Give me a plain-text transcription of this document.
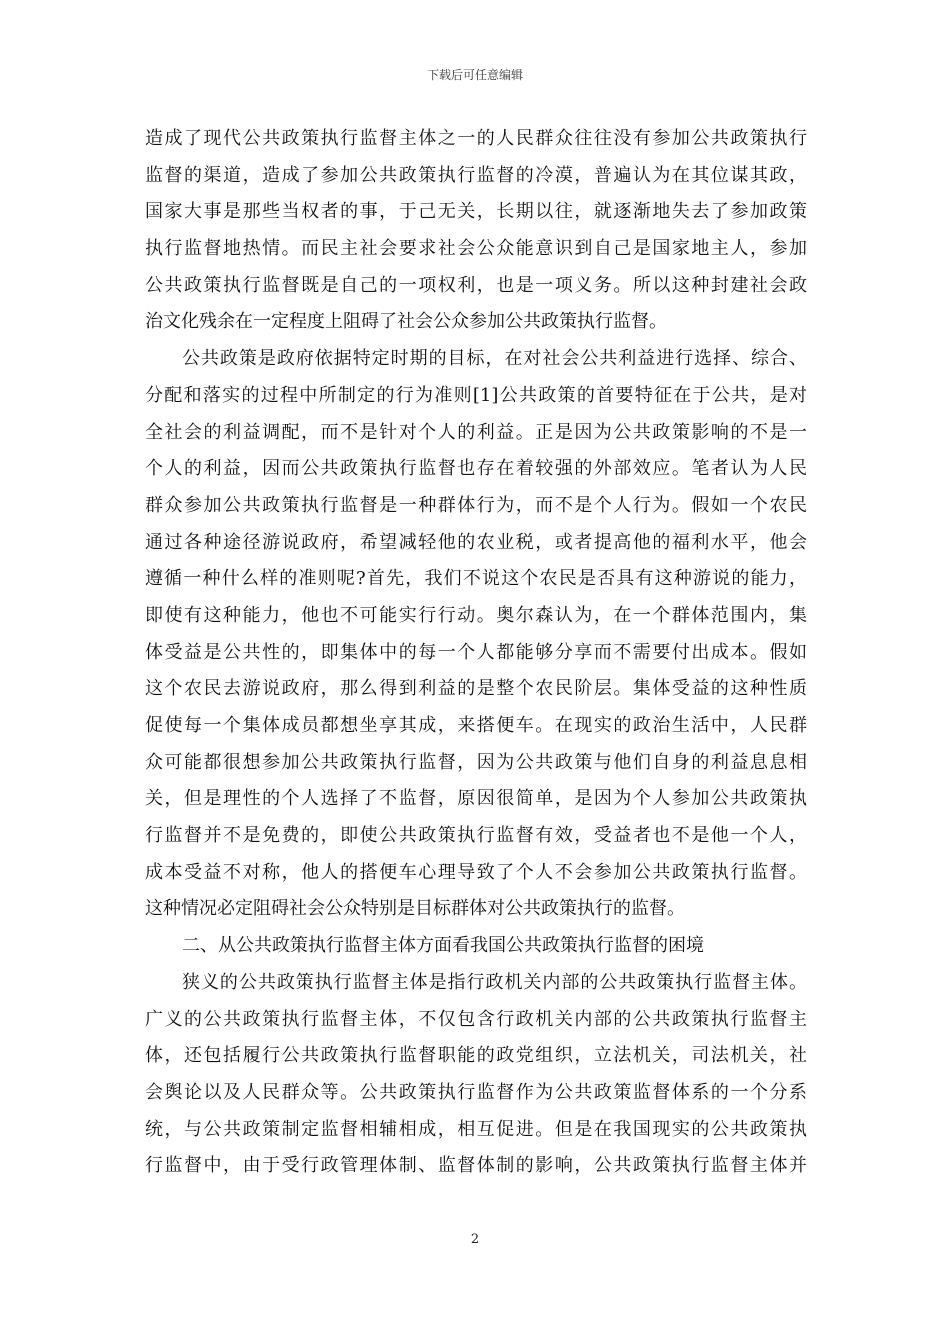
下载后可任意编辑
造成了现代公共政策执行监督主体之一的人民群众往往没有参加公共政策执行
监督的渠道，造成了参加公共政策执行监督的冷漠，普遍认为在其位谋其政，
国家大事是那些当权者的事，于己无关，长期以往，就逐渐地失去了参加政策
执行监督地热情。而民主社会要求社会公众能意识到自己是国家地主人，参加
公共政策执行监督既是自己的一项权利，也是一项义务。所以这种封建社会政
治文化残余在一定程度上阻碍了社会公众参加公共政策执行监督。
公共政策是政府依据特定时期的目标，在对社会公共利益进行选择、综合、
分配和落实的过程中所制定的行为准则[1]公共政策的首要特征在于公共，是对
全社会的利益调配，而不是针对个人的利益。正是因为公共政策影响的不是一
个人的利益，因而公共政策执行监督也存在着较强的外部效应。笔者认为人民
群众参加公共政策执行监督是一种群体行为，而不是个人行为。假如一个农民
通过各种途径游说政府，希望减轻他的农业税，或者提高他的福利水平，他会
遵循一种什么样的准则呢?首先，我们不说这个农民是否具有这种游说的能力，
即使有这种能力，他也不可能实行行动。奥尔森认为，在一个群体范围内，集
体受益是公共性的，即集体中的每一个人都能够分享而不需要付出成本。假如
这个农民去游说政府，那么得到利益的是整个农民阶层。集体受益的这种性质
促使每一个集体成员都想坐享其成，来搭便车。在现实的政治生活中，人民群
众可能都很想参加公共政策执行监督，因为公共政策与他们自身的利益息息相
关，但是理性的个人选择了不监督，原因很简单，是因为个人参加公共政策执
行监督并不是免费的，即使公共政策执行监督有效，受益者也不是他一个人，
成本受益不对称，他人的搭便车心理导致了个人不会参加公共政策执行监督。
这种情况必定阻碍社会公众特别是目标群体对公共政策执行的监督。
二、从公共政策执行监督主体方面看我国公共政策执行监督的困境
狭义的公共政策执行监督主体是指行政机关内部的公共政策执行监督主体。
广义的公共政策执行监督主体，不仅包含行政机关内部的公共政策执行监督主
体，还包括履行公共政策执行监督职能的政党组织，立法机关，司法机关，社
会舆论以及人民群众等。公共政策执行监督作为公共政策监督体系的一个分系
统，与公共政策制定监督相辅相成，相互促进。但是在我国现实的公共政策执
行监督中，由于受行政管理体制、监督体制的影响，公共政策执行监督主体并
2
